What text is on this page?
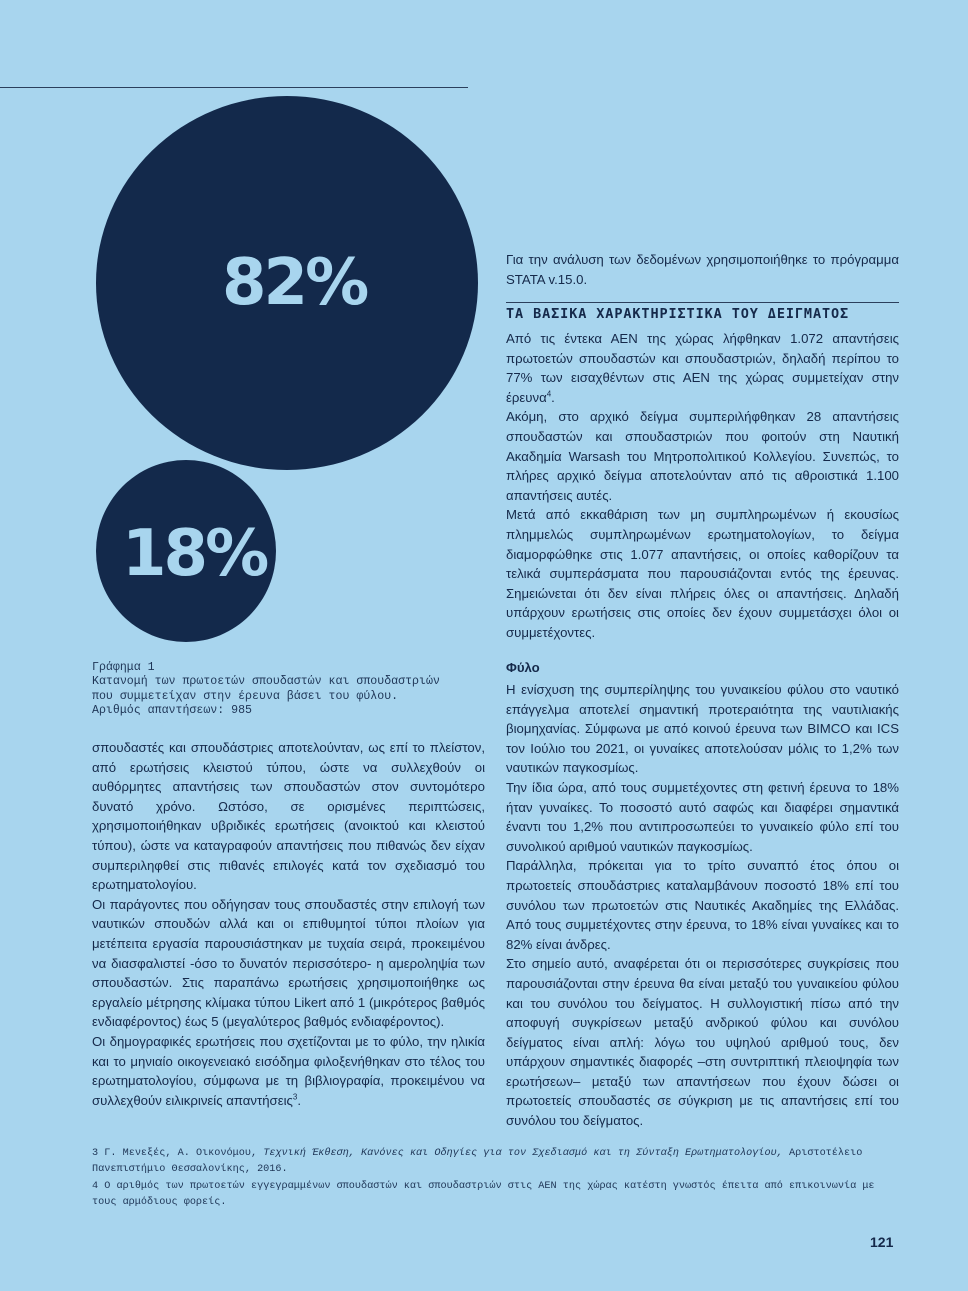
82%
18%

Για την ανάλυση των δεδομένων χρησιμοποιήθηκε το πρόγραμμα STATA v.15.0.

ΤΑ ΒΑΣΙΚΑ ΧΑΡΑΚΤΗΡΙΣΤΙΚΑ ΤΟΥ ΔΕΙΓΜΑΤΟΣ

Από τις έντεκα ΑΕΝ της χώρας λήφθηκαν 1.072 απαντήσεις πρωτοετών σπουδαστών και σπουδαστριών, δηλαδή περίπου το 77% των εισαχθέντων στις ΑΕΝ της χώρας συμμετείχαν στην έρευνα$^4$.

Ακόμη, στο αρχικό δείγμα συμπεριλήφθηκαν 28 απαντήσεις σπουδαστών και σπουδαστριών που φοιτούν στη Ναυτική Ακαδημία Warsash του Μητροπολιτικού Κολλεγίου. Συνεπώς, το πλήρες αρχικό δείγμα αποτελούνταν από τις αθροιστικά 1.100 απαντήσεις αυτές.

Μετά από εκκαθάριση των μη συμπληρωμένων ή εκουσίως πλημμελώς συμπληρωμένων ερωτηματολογίων, το δείγμα διαμορφώθηκε στις 1.077 απαντήσεις, οι οποίες καθορίζουν τα τελικά συμπεράσματα που παρουσιάζονται εντός της έρευνας. Σημειώνεται ότι δεν είναι πλήρεις όλες οι απαντήσεις. Δηλαδή υπάρχουν ερωτήσεις στις οποίες δεν έχουν συμμετάσχει όλοι οι συμμετέχοντες.

Γράφημα 1
Κατανομή των πρωτοετών σπουδαστών και σπουδαστριών
που συμμετείχαν στην έρευνα βάσει του φύλου.
Αριθμός απαντήσεων: 985
Φύλο

Η ενίσχυση της συμπερίληψης του γυναικείου φύλου στο ναυτικό επάγγελμα αποτελεί σημαντική προτεραιότητα της ναυτιλιακής βιομηχανίας. Σύμφωνα με από κοινού έρευνα των BIMCO και ICS τον Ιούλιο του 2021, οι γυναίκες αποτελούσαν μόλις το 1,2% των ναυτικών παγκοσμίως.

Την ίδια ώρα, από τους συμμετέχοντες στη φετινή έρευνα το 18% ήταν γυναίκες. Το ποσοστό αυτό σαφώς και διαφέρει σημαντικά έναντι του 1,2% που αντιπροσωπεύει το γυναικείο φύλο επί του συνολικού αριθμού ναυτικών παγκοσμίως.

Παράλληλα, πρόκειται για το τρίτο συναπτό έτος όπου οι πρωτοετείς σπουδάστριες καταλαμβάνουν ποσοστό 18% επί του συνόλου των πρωτοετών στις Ναυτικές Ακαδημίες της Ελλάδας. Από τους συμμετέχοντες στην έρευνα, το 18% είναι γυναίκες και το 82% είναι άνδρες.

Στο σημείο αυτό, αναφέρεται ότι οι περισσότερες συγκρίσεις που παρουσιάζονται στην έρευνα θα είναι μεταξύ του γυναικείου φύλου και του συνόλου του δείγματος. Η συλλογιστική πίσω από την αποφυγή συγκρίσεων μεταξύ ανδρικού φύλου και συνόλου δείγματος είναι απλή: λόγω του υψηλού αριθμού τους, δεν υπάρχουν σημαντικές διαφορές –στη συντριπτική πλειοψηφία των ερωτήσεων– μεταξύ των απαντήσεων που έχουν δώσει οι πρωτοετείς σπουδαστές σε σύγκριση με τις απαντήσεις επί του συνόλου του δείγματος.

σπουδαστές και σπουδάστριες αποτελούνταν, ως επί το πλείστον, από ερωτήσεις κλειστού τύπου, ώστε να συλλεχθούν οι αυθόρμητες απαντήσεις των σπουδαστών στον συντομότερο δυνατό χρόνο. Ωστόσο, σε ορισμένες περιπτώσεις, χρησιμοποιήθηκαν υβριδικές ερωτήσεις (ανοικτού και κλειστού τύπου), ώστε να καταγραφούν απαντήσεις που πιθανώς δεν είχαν συμπεριληφθεί στις πιθανές επιλογές κατά τον σχεδιασμό του ερωτηματολογίου.

Οι παράγοντες που οδήγησαν τους σπουδαστές στην επιλογή των ναυτικών σπουδών αλλά και οι επιθυμητοί τύποι πλοίων για μετέπειτα εργασία παρουσιάστηκαν με τυχαία σειρά, προκειμένου να διασφαλιστεί -όσο το δυνατόν περισσότερο- η αμεροληψία των σπουδαστών. Στις παραπάνω ερωτήσεις χρησιμοποιήθηκε ως εργαλείο μέτρησης κλίμακα τύπου Likert από 1 (μικρότερος βαθμός ενδιαφέροντος) έως 5 (μεγαλύτερος βαθμός ενδιαφέροντος).

Οι δημογραφικές ερωτήσεις που σχετίζονται με το φύλο, την ηλικία και το μηνιαίο οικογενειακό εισόδημα φιλοξενήθηκαν στο τέλος του ερωτηματολογίου, σύμφωνα με τη βιβλιογραφία, προκειμένου να συλλεχθούν ειλικρινείς απαντήσεις$^3$.

3 Γ. Μενεξές, Α. Οικονόμου, Τεχνική Έκθεση, Κανόνες και Οδηγίες για τον Σχεδιασμό και τη Σύνταξη Ερωτηματολογίου, Αριστοτέλειο Πανεπιστήμιο Θεσσαλονίκης, 2016.

4 Ο αριθμός των πρωτοετών εγγεγραμμένων σπουδαστών και σπουδαστριών στις ΑΕΝ της χώρας κατέστη γνωστός έπειτα από επικοινωνία με τους αρμόδιους φορείς.

121
